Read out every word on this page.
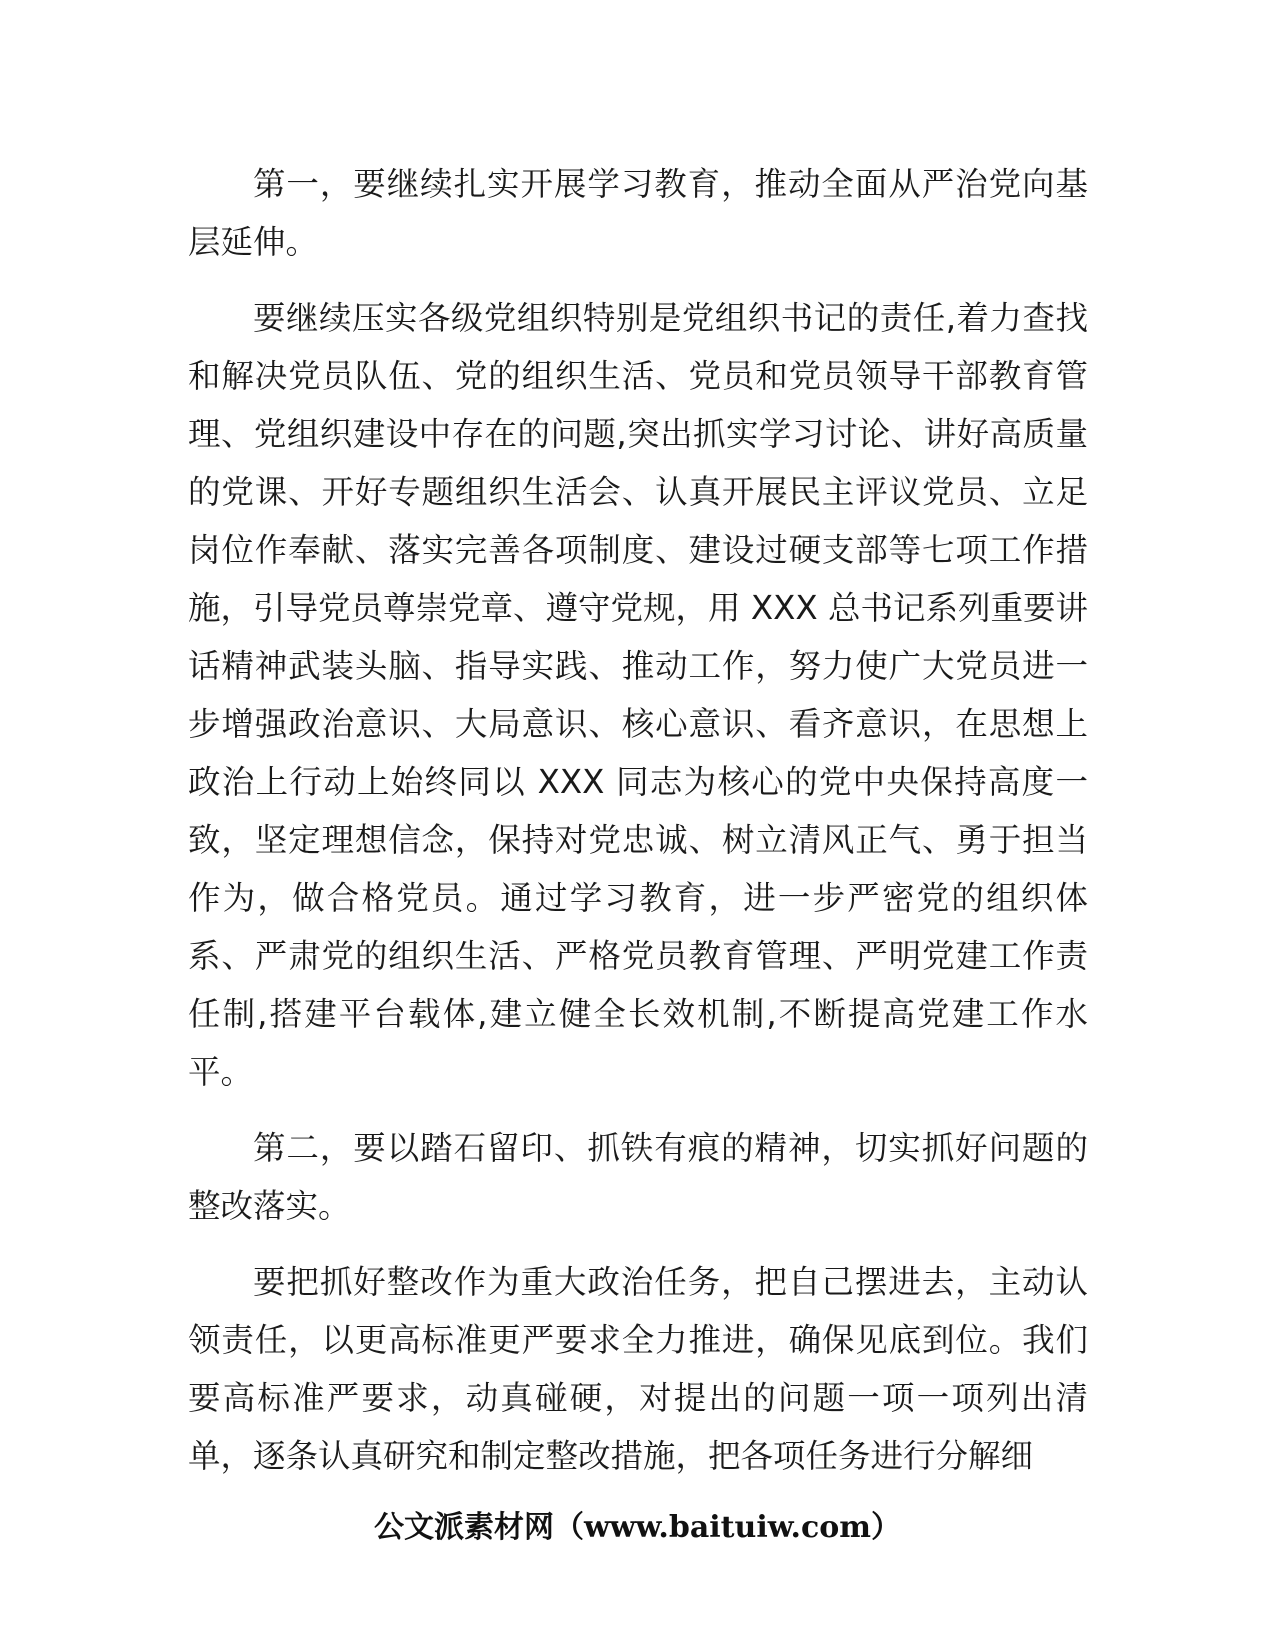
第一，要继续扎实开展学习教育，推动全面从严治党向基层延伸。

要继续压实各级党组织特别是党组织书记的责任,着力查找和解决党员队伍、党的组织生活、党员和党员领导干部教育管理、党组织建设中存在的问题,突出抓实学习讨论、讲好高质量的党课、开好专题组织生活会、认真开展民主评议党员、立足岗位作奉献、落实完善各项制度、建设过硬支部等七项工作措施，引导党员尊崇党章、遵守党规，用 XXX 总书记系列重要讲话精神武装头脑、指导实践、推动工作，努力使广大党员进一步增强政治意识、大局意识、核心意识、看齐意识，在思想上政治上行动上始终同以 XXX 同志为核心的党中央保持高度一致，坚定理想信念，保持对党忠诚、树立清风正气、勇于担当作为，做合格党员。通过学习教育，进一步严密党的组织体系、严肃党的组织生活、严格党员教育管理、严明党建工作责任制,搭建平台载体,建立健全长效机制,不断提高党建工作水平。

第二，要以踏石留印、抓铁有痕的精神，切实抓好问题的整改落实。

要把抓好整改作为重大政治任务，把自己摆进去，主动认领责任，以更高标准更严要求全力推进，确保见底到位。我们要高标准严要求，动真碰硬，对提出的问题一项一项列出清单，逐条认真研究和制定整改措施，把各项任务进行分解细

公文派素材网（www.baituiw.com）
